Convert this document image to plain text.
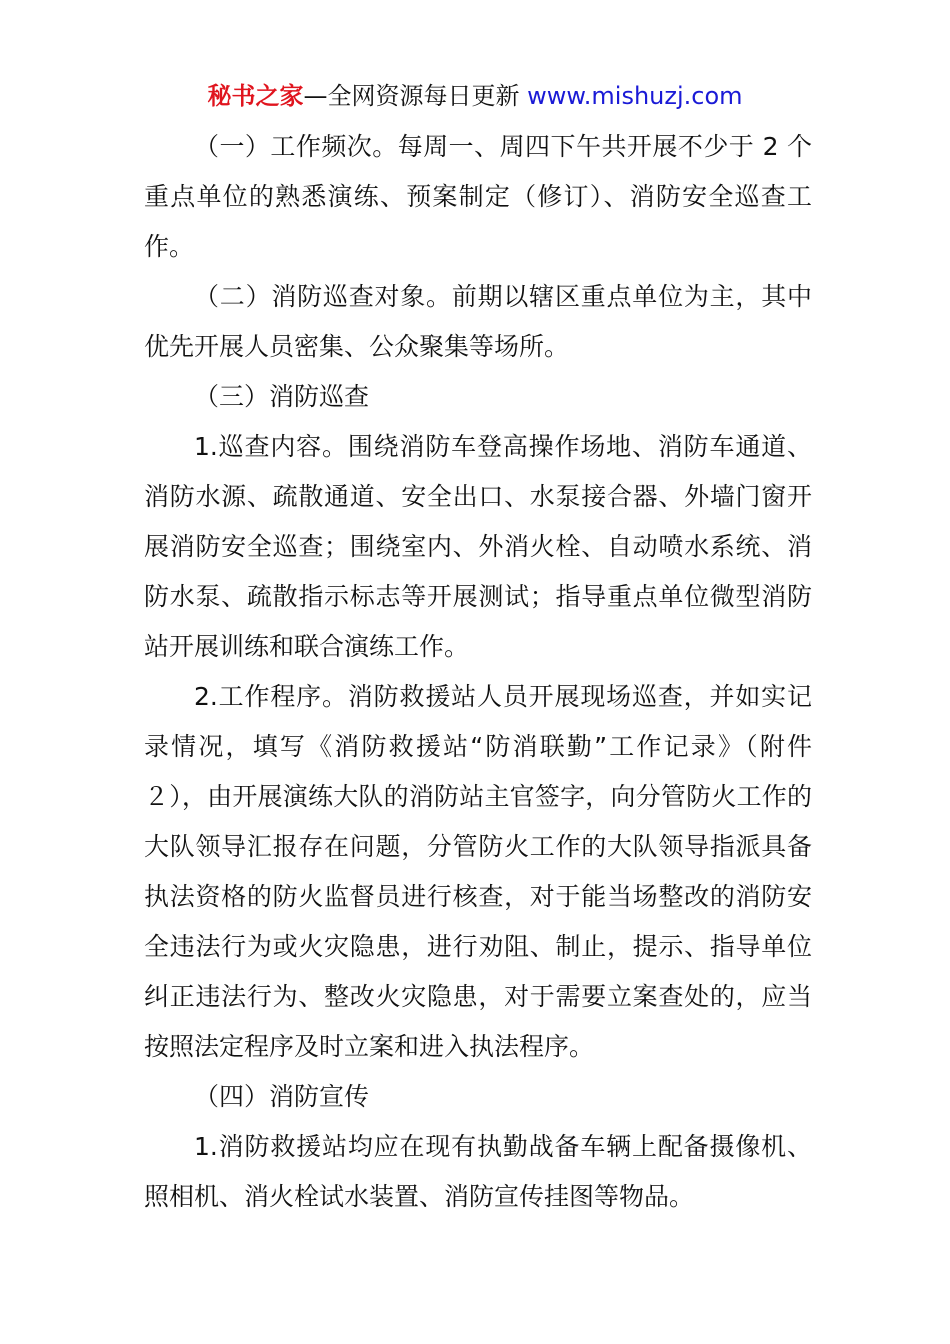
秘书之家—全网资源每日更新 www.mishuzj.com

（一）工作频次。每周一、周四下午共开展不少于 2 个重点单位的熟悉演练、预案制定（修订）、消防安全巡查工作。

（二）消防巡查对象。前期以辖区重点单位为主，其中优先开展人员密集、公众聚集等场所。

（三）消防巡查

1.巡查内容。围绕消防车登高操作场地、消防车通道、消防水源、疏散通道、安全出口、水泵接合器、外墙门窗开展消防安全巡查；围绕室内、外消火栓、自动喷水系统、消防水泵、疏散指示标志等开展测试；指导重点单位微型消防站开展训练和联合演练工作。

2.工作程序。消防救援站人员开展现场巡查，并如实记录情况，填写《消防救援站“防消联勤”工作记录》（附件２），由开展演练大队的消防站主官签字，向分管防火工作的大队领导汇报存在问题，分管防火工作的大队领导指派具备执法资格的防火监督员进行核查，对于能当场整改的消防安全违法行为或火灾隐患，进行劝阻、制止，提示、指导单位纠正违法行为、整改火灾隐患，对于需要立案查处的，应当按照法定程序及时立案和进入执法程序。

（四）消防宣传

1.消防救援站均应在现有执勤战备车辆上配备摄像机、照相机、消火栓试水装置、消防宣传挂图等物品。
